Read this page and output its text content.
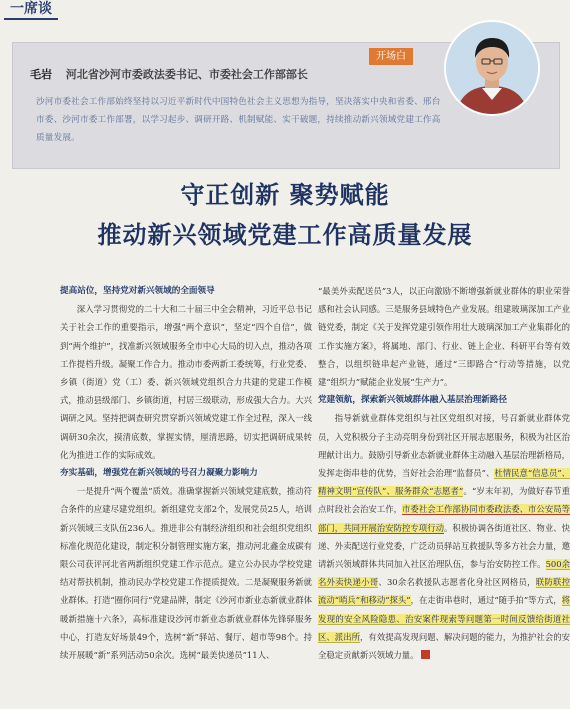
一席谈
开场白
毛岩 河北省沙河市委政法委书记、市委社会工作部部长
沙河市委社会工作部始终坚持以习近平新时代中国特色社会主义思想为指导，坚决落实中央和省委、邢台市委、沙河市委工作部署，以学习起步、调研开路、机制赋能、实干破题，持续推动新兴领域党建工作高质量发展。
守正创新 聚势赋能
推动新兴领域党建工作高质量发展

提高站位，坚持党对新兴领域的全面领导

深入学习贯彻党的二十大和二十届三中全会精神，习近平总书记关于社会工作的重要指示，增强“两个意识”，坚定“四个自信”，做到“两个维护”，找准新兴领域服务全市中心大局的切入点，推动各项工作提档升级。凝聚工作合力。推动市委两新工委统筹，行业党委、乡镇（街道）党（工）委、新兴领域党组织合力共建的党建工作模式，推动县级部门、乡镇街道，村居三级联动，形成强大合力。大兴调研之风。坚持把调查研究贯穿新兴领域党建工作全过程，深入一线调研30余次，摸清底数，掌握实情，厘清思路，切实把调研成果转化为推进工作的实际成效。

夯实基础，增强党在新兴领域的号召力凝聚力影响力

一是提升“两个覆盖”质效。准确掌握新兴领域党建底数，推动符合条件的应建尽建党组织。新组建党支部2个，发展党员25人，培训新兴领域三支队伍236人。推进非公有制经济组织和社会组织党组织标准化规范化建设，制定积分制管理实施方案，推动河北鑫金成碳有限公司获评河北省两新组织党建工作示范点。建立公办民办学校党建结对帮扶机制，推动民办学校党建工作提质提效。二是凝聚服务新就业群体。打造“圈你同行”党建品牌，制定《沙河市新业态新就业群体暖新措施十六条》，高标准建设沙河市新业态新就业群体先锋驿服务中心，打造友好场景49个，选树“新”驿站、餐厅、超市等98个。持续开展暖“新”系列活动50余次。选树“最美快递员”11人、

“最美外卖配送员”3人，以正向激励不断增强新就业群体的职业荣誉感和社会认同感。三是服务县域特色产业发展。组建玻璃深加工产业链党委，制定《关于发挥党建引领作用壮大玻璃深加工产业集群化的工作实施方案》，将属地、部门、行业、链上企业、科研平台等有效整合，以组织链串起产业链，通过“三即路合”行动等措施，以党建“组织力”赋能企业发展“生产力”。

党建领航，探索新兴领域群体融入基层治理新路径

指导新就业群体党组织与社区党组织对接，号召新就业群体党员，入党积极分子主动亮明身份到社区开展志愿服务，积极为社区治理献计出力。鼓励引导新业态新就业群体主动融入基层治理新格局，发挥走街串巷的优势，当好社会治理“监督员”、杜情民意“信息员”、精神文明“宣传队”、服务群众“志愿者”。“岁末年初，为做好春节重点时段社会治安工作，市委社会工作部协同市委政法委、市公安局等部门，共同开展治安防控专项行动。积极协调各街道社区、物业、快递、外卖配送行业党委，广泛动员驿站互救援队等多方社会力量，邀请新兴领域群体共同加入社区治理队伍，参与治安防控工作。500余名外卖快递小哥、30余名救援队志愿者化身社区网格员，联防联控流动“哨兵”和移动“探头”，在走街串巷时，通过“随手拍”等方式，将发现的安全风险隐患、治安案件现索等问题第一时间反馈给街道社区、派出所，有效提高发现问题、解决问题的能力，为推护社会的安全稳定贡献新兴领域力量。
